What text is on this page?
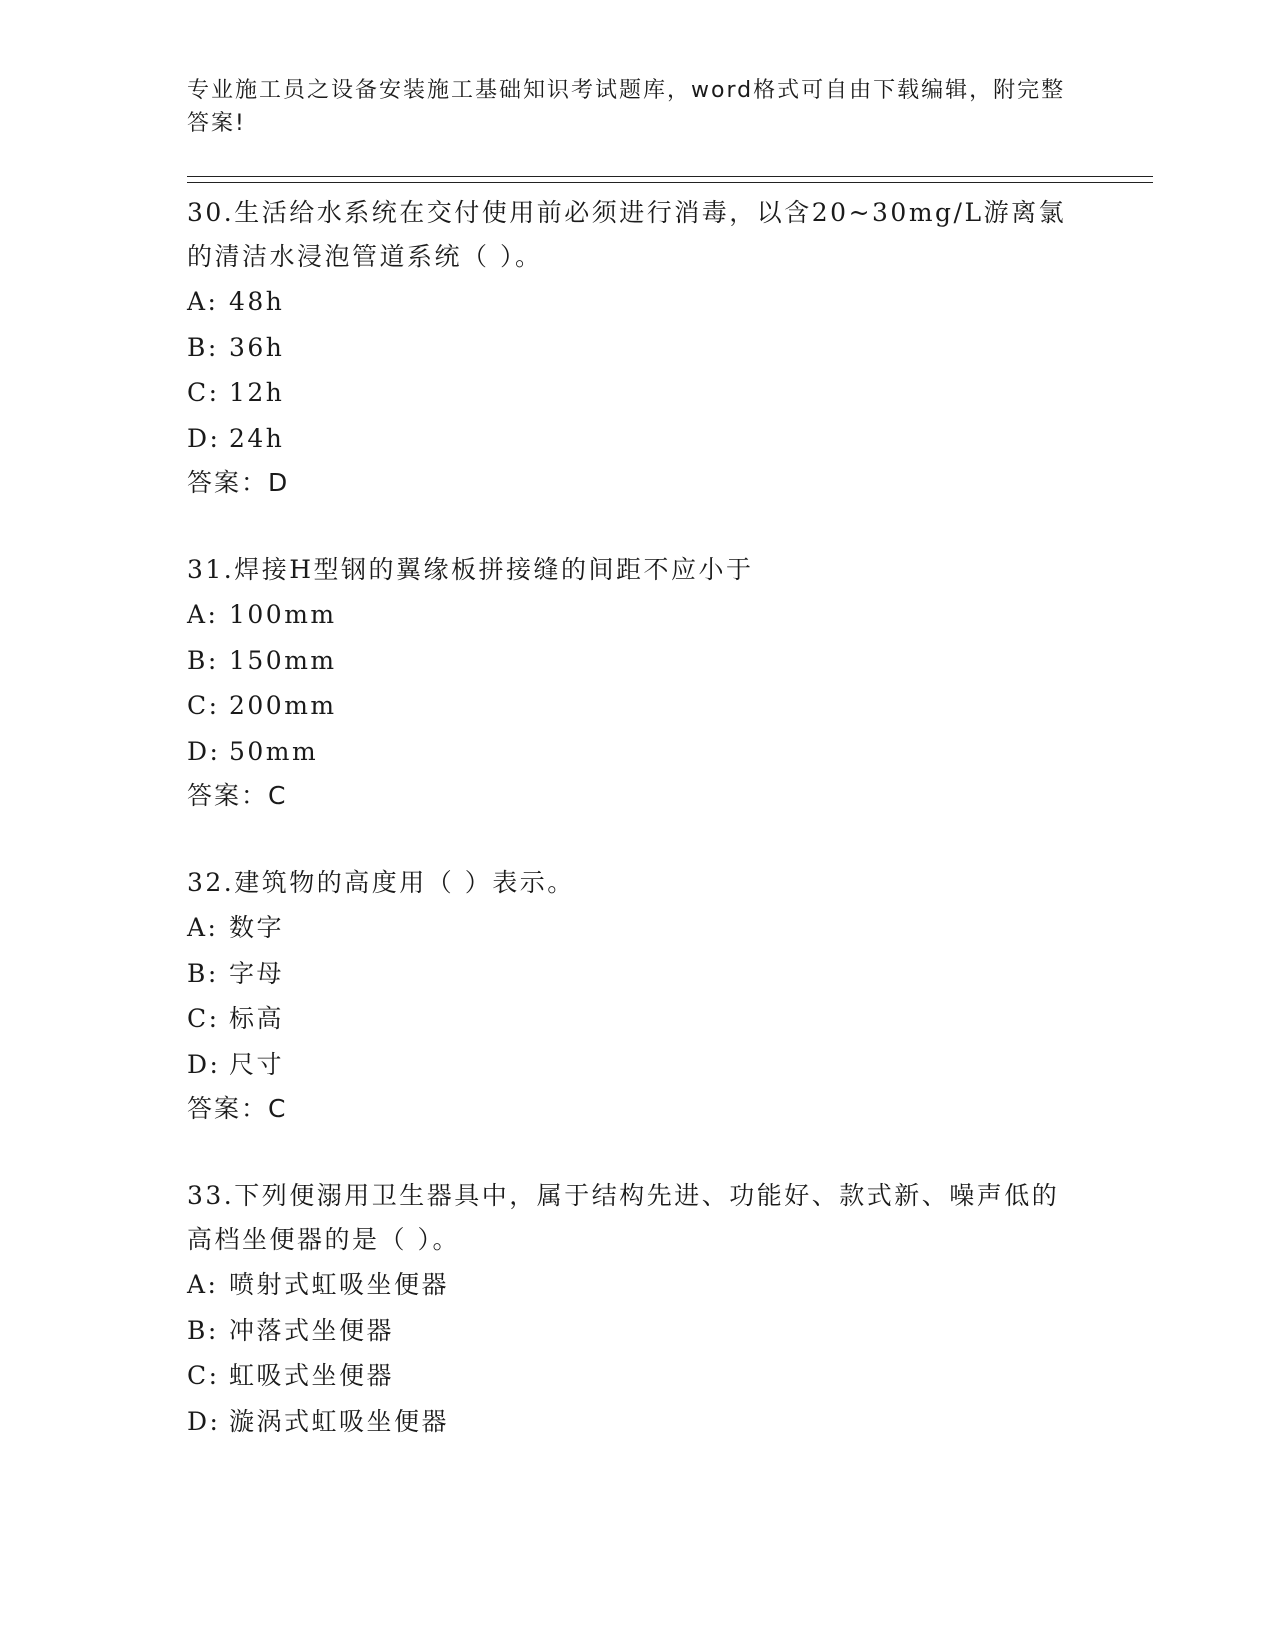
专业施工员之设备安装施工基础知识考试题库，word格式可自由下载编辑，附完整答案!

30.生活给水系统在交付使用前必须进行消毒，以含20~30mg/L游离氯的清洁水浸泡管道系统（ ）。

A: 48h

B: 36h

C: 12h

D: 24h

答案：D

31.焊接H型钢的翼缘板拼接缝的间距不应小于

A: 100mm

B: 150mm

C: 200mm

D: 50mm

答案：C

32.建筑物的高度用（ ）表示。

A: 数字

B: 字母

C: 标高

D: 尺寸

答案：C

33.下列便溺用卫生器具中，属于结构先进、功能好、款式新、噪声低的高档坐便器的是（ ）。

A: 喷射式虹吸坐便器

B: 冲落式坐便器

C: 虹吸式坐便器

D: 漩涡式虹吸坐便器
